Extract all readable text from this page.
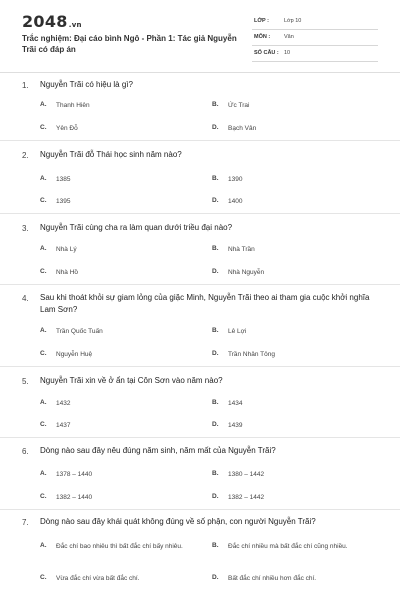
2048.vn
Trắc nghiệm: Đại cáo bình Ngô - Phần 1: Tác giả Nguyễn Trãi có đáp án
LỚP :	Lớp 10
MÔN :	Văn
SỐ CÂU : 10
1. Nguyễn Trãi có hiệu là gì?
A. Thanh Hiên	B. Ức Trai
C. Yên Đỗ	D. Bạch Vân
2. Nguyễn Trãi đỗ Thái học sinh năm nào?
A. 1385	B. 1390
C. 1395	D. 1400
3. Nguyễn Trãi cùng cha ra làm quan dưới triều đại nào?
A. Nhà Lý	B. Nhà Trần
C. Nhà Hồ	D. Nhà Nguyễn
4. Sau khi thoát khỏi sự giam lỏng của giặc Minh, Nguyễn Trãi theo ai tham gia cuộc khởi nghĩa Lam Sơn?
A. Trần Quốc Tuấn	B. Lê Lợi
C. Nguyễn Huệ	D. Trần Nhân Tông
5. Nguyễn Trãi xin về ở ẩn tại Côn Sơn vào năm nào?
A. 1432	B. 1434
C. 1437	D. 1439
6. Dòng nào sau đây nêu đúng năm sinh, năm mất của Nguyễn Trãi?
A. 1378 – 1440	B. 1380 – 1442
C. 1382 – 1440	D. 1382 – 1442
7. Dòng nào sau đây khái quát không đúng về số phận, con người Nguyễn Trãi?
A. Đắc chí bao nhiêu thì bất đắc chí bấy nhiêu.	B. Đắc chí nhiều mà bất đắc chí cũng nhiều.
C. Vừa đắc chí vừa bất đắc chí.	D. Bất đắc chí nhiều hơn đắc chí.
